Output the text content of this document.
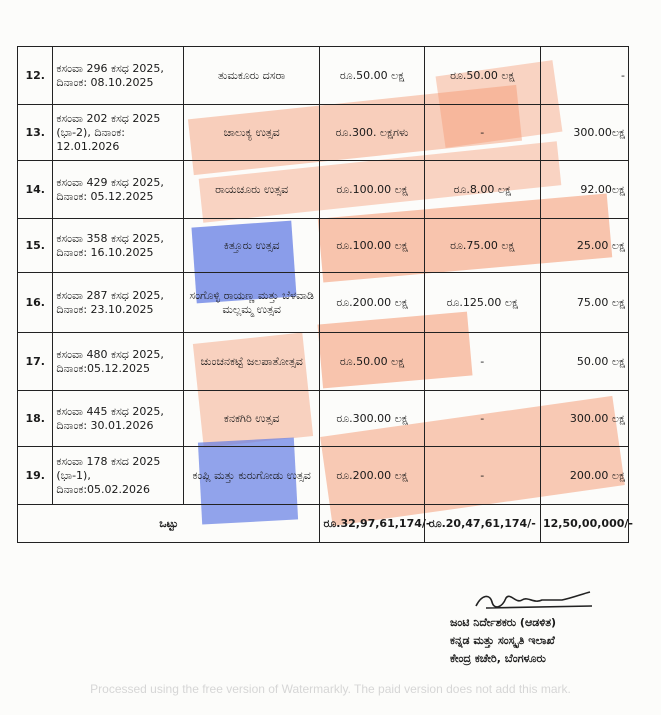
12.	ಕಸಂವಾ 296 ಕಸಧ 2025, ದಿನಾಂಕ: 08.10.2025	ತುಮಕೂರು ದಸರಾ	ರೂ.50.00 ಲಕ್ಷ	ರೂ.50.00 ಲಕ್ಷ	-
13.	ಕಸಂವಾ 202 ಕಸಧ 2025 (ಭಾ-2), ದಿನಾಂಕ: 12.01.2026	ಚಾಲುಕ್ಯ ಉತ್ಸವ	ರೂ.300. ಲಕ್ಷಗಳು	-	300.00ಲಕ್ಷ
14.	ಕಸಂವಾ 429 ಕಸಧ 2025, ದಿನಾಂಕ: 05.12.2025	ರಾಯಚೂರು ಉತ್ಸವ	ರೂ.100.00 ಲಕ್ಷ	ರೂ.8.00 ಲಕ್ಷ	92.00ಲಕ್ಷ
15.	ಕಸಂವಾ 358 ಕಸಧ 2025, ದಿನಾಂಕ: 16.10.2025	ಕಿತ್ತೂರು ಉತ್ಸವ	ರೂ.100.00 ಲಕ್ಷ	ರೂ.75.00 ಲಕ್ಷ	25.00 ಲಕ್ಷ
16.	ಕಸಂವಾ 287 ಕಸಧ 2025, ದಿನಾಂಕ: 23.10.2025	ಸಂಗೊಳ್ಳಿ ರಾಯಣ್ಣ ಮತ್ತು ಬೆಳವಾಡಿ ಮಲ್ಲಮ್ಮ ಉತ್ಸವ	ರೂ.200.00 ಲಕ್ಷ	ರೂ.125.00 ಲಕ್ಷ	75.00 ಲಕ್ಷ
17.	ಕಸಂವಾ 480 ಕಸಧ 2025, ದಿನಾಂಕ:05.12.2025	ಚುಂಚನಕಟ್ಟೆ ಜಲಪಾತೋತ್ಸವ	ರೂ.50.00 ಲಕ್ಷ	-	50.00 ಲಕ್ಷ
18.	ಕಸಂವಾ 445 ಕಸಧ 2025, ದಿನಾಂಕ: 30.01.2026	ಕನಕಗಿರಿ ಉತ್ಸವ	ರೂ.300.00 ಲಕ್ಷ	-	300.00 ಲಕ್ಷ
19.	ಕಸಂವಾ 178 ಕಸದ 2025 (ಭಾ-1), ದಿನಾಂಕ:05.02.2026	ಕಂಪ್ಲಿ ಮತ್ತು ಕುರುಗೋಡು ಉತ್ಸವ	ರೂ.200.00 ಲಕ್ಷ	-	200.00 ಲಕ್ಷ
ಒಟ್ಟು			ರೂ.32,97,61,174/-	ರೂ.20,47,61,174/-	12,50,00,000/-
ಜಂಟಿ ನಿರ್ದೇಶಕರು (ಆಡಳಿತ)
ಕನ್ನಡ ಮತ್ತು ಸಂಸ್ಕೃತಿ ಇಲಾಖೆ
ಕೇಂದ್ರ ಕಚೇರಿ, ಬೆಂಗಳೂರು
Processed using the free version of Watermarkly. The paid version does not add this mark.
